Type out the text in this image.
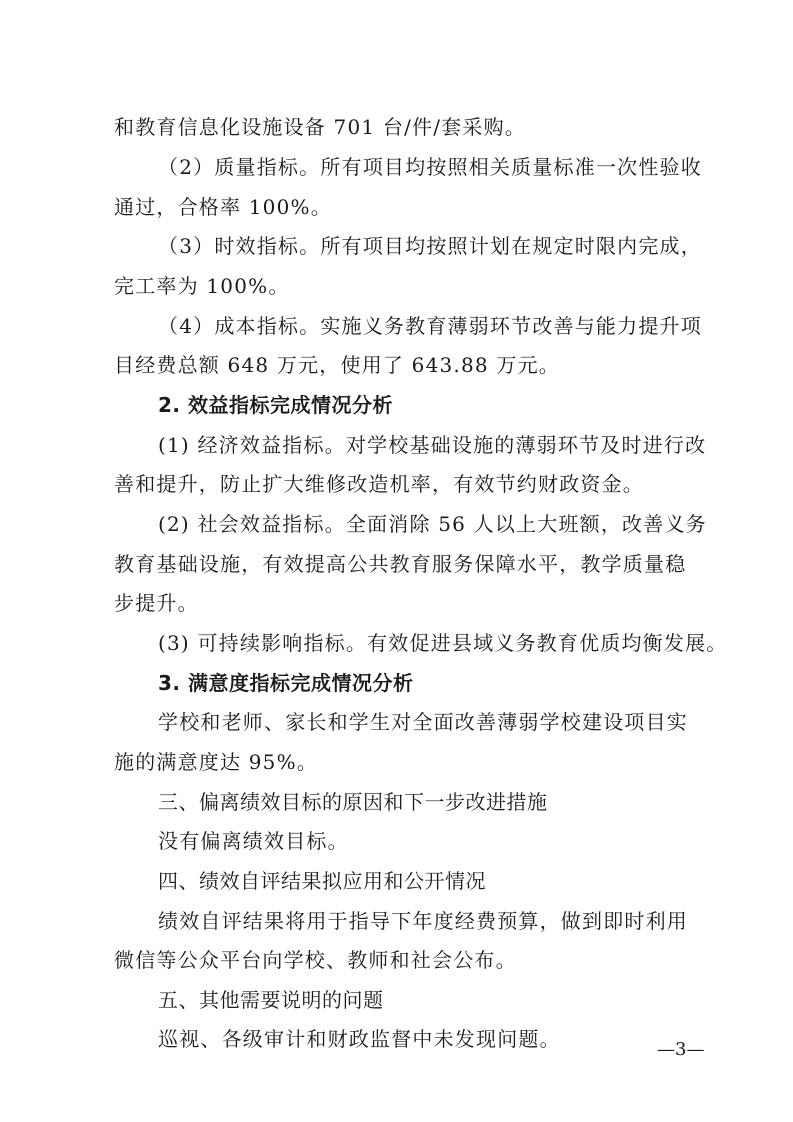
和教育信息化设施设备 701 台/件/套采购。
（2）质量指标。所有项目均按照相关质量标准一次性验收
通过，合格率 100%。
（3）时效指标。所有项目均按照计划在规定时限内完成，
完工率为 100%。
（4）成本指标。实施义务教育薄弱环节改善与能力提升项
目经费总额 648 万元，使用了 643.88 万元。
2. 效益指标完成情况分析
(1) 经济效益指标。对学校基础设施的薄弱环节及时进行改
善和提升，防止扩大维修改造机率，有效节约财政资金。
(2) 社会效益指标。全面消除 56 人以上大班额，改善义务
教育基础设施，有效提高公共教育服务保障水平，教学质量稳
步提升。
(3) 可持续影响指标。有效促进县域义务教育优质均衡发展。
3. 满意度指标完成情况分析
学校和老师、家长和学生对全面改善薄弱学校建设项目实
施的满意度达 95%。
三、偏离绩效目标的原因和下一步改进措施
没有偏离绩效目标。
四、绩效自评结果拟应用和公开情况
绩效自评结果将用于指导下年度经费预算，做到即时利用
微信等公众平台向学校、教师和社会公布。
五、其他需要说明的问题
巡视、各级审计和财政监督中未发现问题。	—3—
